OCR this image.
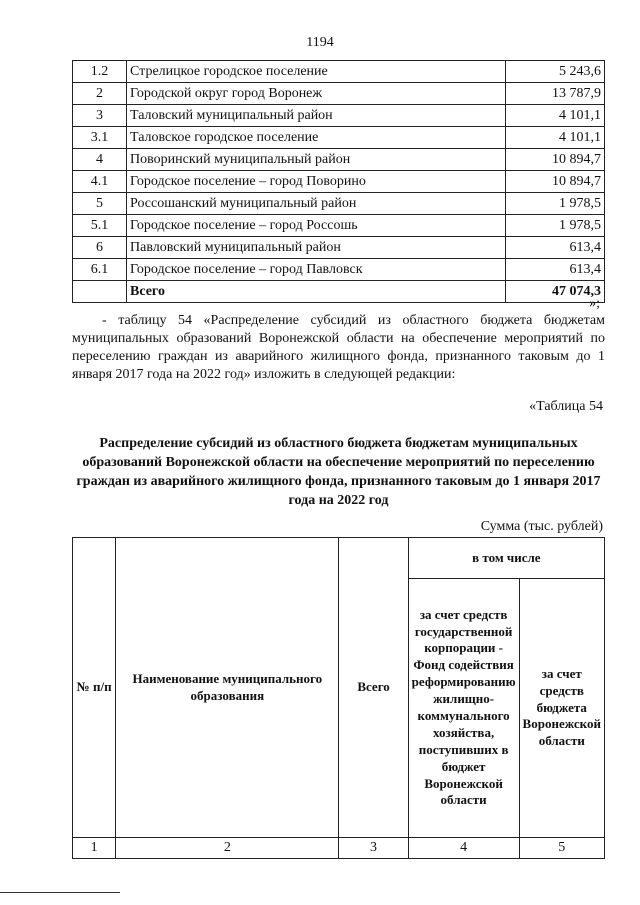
1194
1.2	Стрелицкое городское поселение	5 243,6
2	Городской округ город Воронеж	13 787,9
3	Таловский муниципальный район	4 101,1
3.1	Таловское городское поселение	4 101,1
4	Поворинский муниципальный район	10 894,7
4.1	Городское поселение – город Поворино	10 894,7
5	Россошанский муниципальный район	1 978,5
5.1	Городское поселение – город Россошь	1 978,5
6	Павловский муниципальный район	613,4
6.1	Городское поселение – город Павловск	613,4
	Всего	47 074,3
»;

- таблицу 54 «Распределение субсидий из областного бюджета бюджетам муниципальных образований Воронежской области на обеспечение мероприятий по переселению граждан из аварийного жилищного фонда, признанного таковым до 1 января 2017 года на 2022 год» изложить в следующей редакции:

«Таблица 54

Распределение субсидий из областного бюджета бюджетам муниципальных образований Воронежской области на обеспечение мероприятий по переселению граждан из аварийного жилищного фонда, признанного таковым до 1 января 2017 года на 2022 год

Сумма (тыс. рублей)
№ п/п	Наименование муниципального образования	Всего	в том числе	
			за счет средств государственной корпорации - Фонд содействия реформированию жилищно-коммунального хозяйства, поступивших в бюджет Воронежской области	за счет средств бюджета Воронежской области
1	2	3	4	5
